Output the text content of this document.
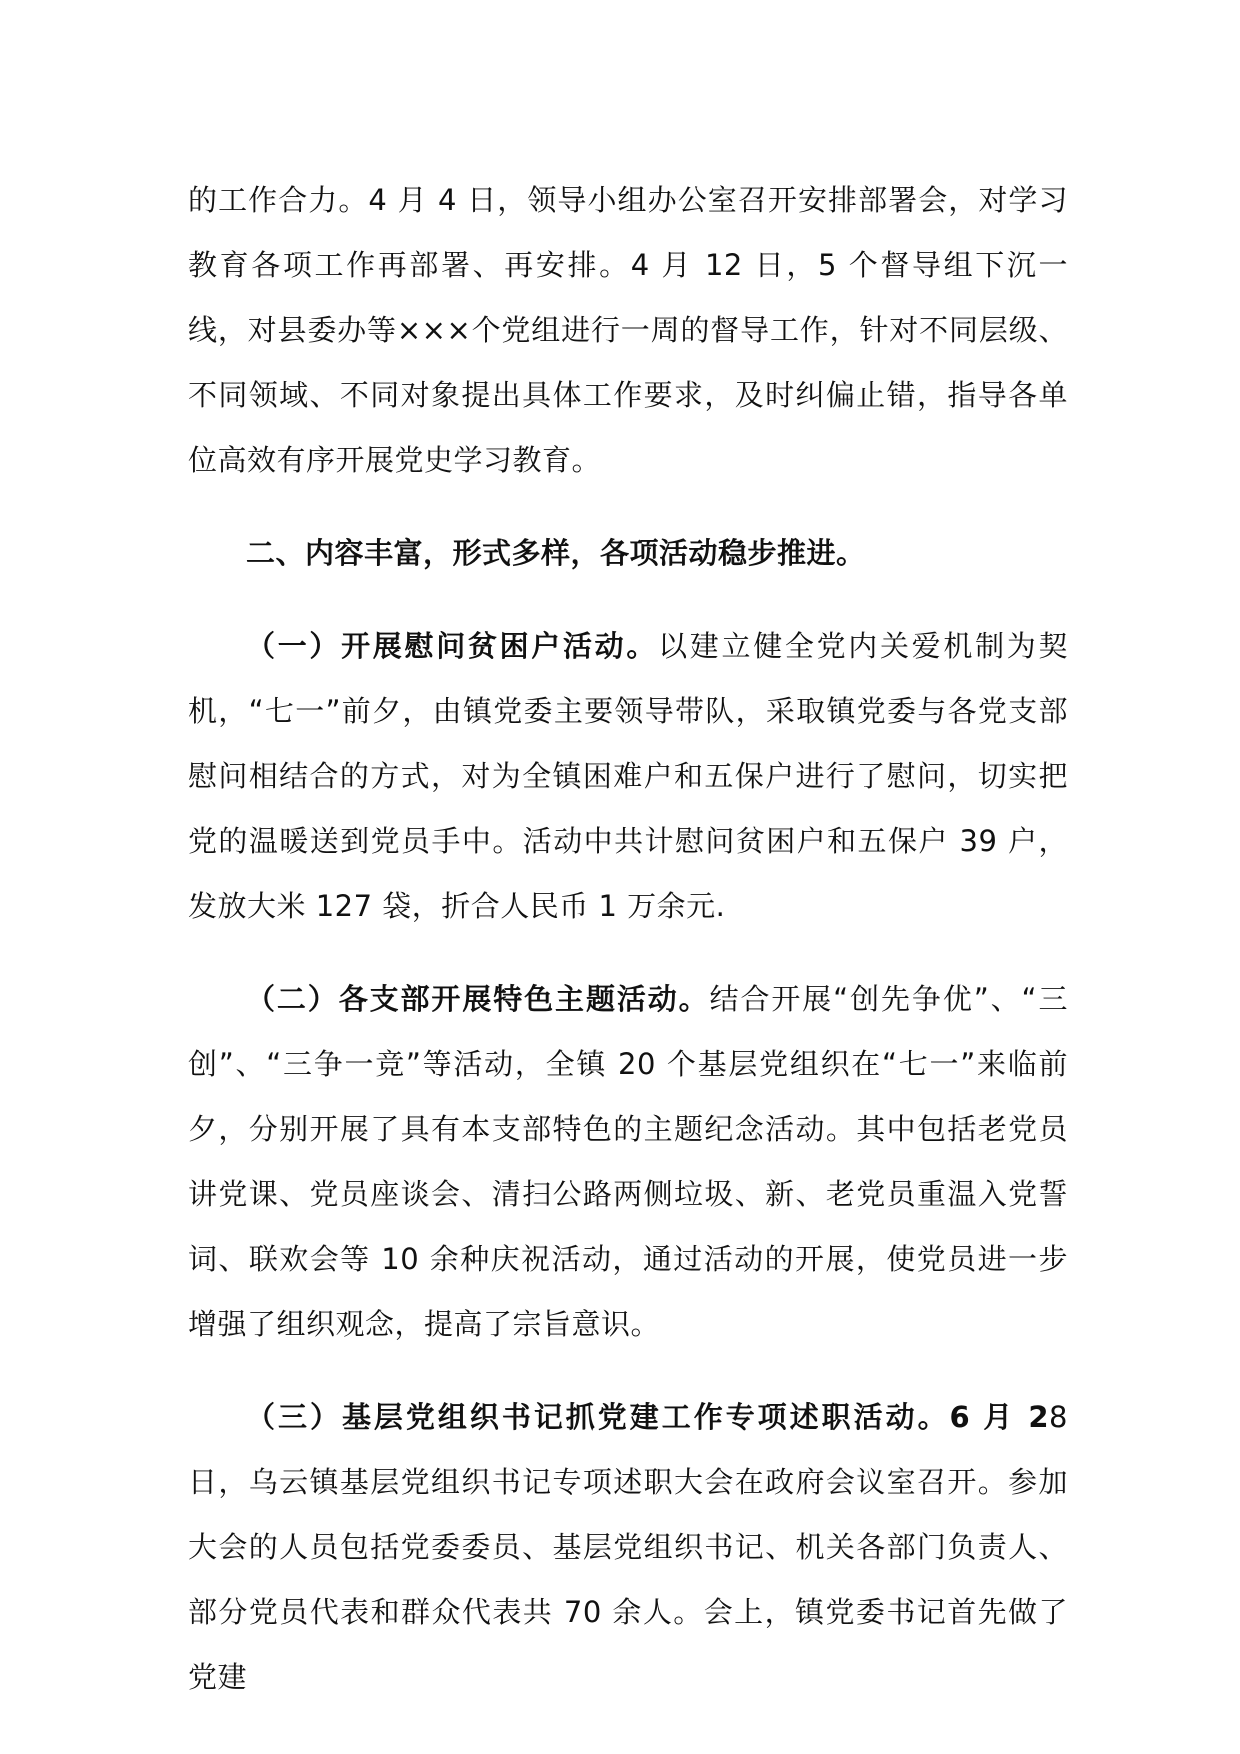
的工作合力。4 月 4 日，领导小组办公室召开安排部署会，对学习教育各项工作再部署、再安排。4 月 12 日，5 个督导组下沉一线，对县委办等×××个党组进行一周的督导工作，针对不同层级、不同领域、不同对象提出具体工作要求，及时纠偏止错，指导各单位高效有序开展党史学习教育。

二、内容丰富，形式多样，各项活动稳步推进。

（一）开展慰问贫困户活动。以建立健全党内关爱机制为契机，“七一”前夕，由镇党委主要领导带队，采取镇党委与各党支部慰问相结合的方式，对为全镇困难户和五保户进行了慰问，切实把党的温暖送到党员手中。活动中共计慰问贫困户和五保户 39 户，发放大米 127 袋，折合人民币 1 万余元.

（二）各支部开展特色主题活动。结合开展“创先争优”、“三创”、“三争一竞”等活动，全镇 20 个基层党组织在“七一”来临前夕，分别开展了具有本支部特色的主题纪念活动。其中包括老党员讲党课、党员座谈会、清扫公路两侧垃圾、新、老党员重温入党誓词、联欢会等 10 余种庆祝活动，通过活动的开展，使党员进一步增强了组织观念，提高了宗旨意识。

（三）基层党组织书记抓党建工作专项述职活动。6 月 28 日，乌云镇基层党组织书记专项述职大会在政府会议室召开。参加大会的人员包括党委委员、基层党组织书记、机关各部门负责人、部分党员代表和群众代表共 70 余人。会上，镇党委书记首先做了党建
